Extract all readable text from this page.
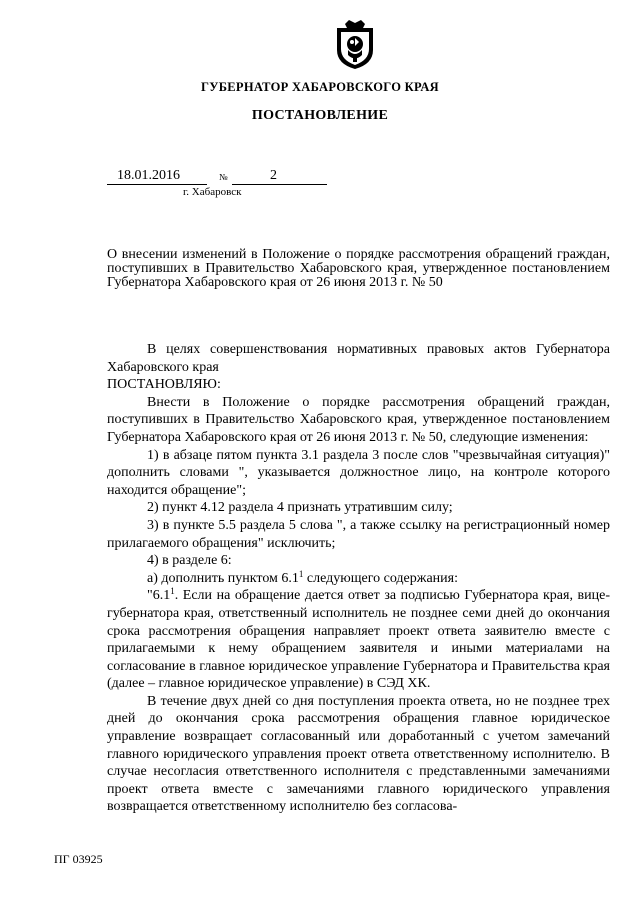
ГУБЕРНАТОР ХАБАРОВСКОГО КРАЯ
ПОСТАНОВЛЕНИЕ
18.01.2016	№	2
г. Хабаровск
О внесении изменений в Положение о порядке рассмотрения обращений граждан, поступивших в Правительство Хабаровского края, утвержденное постановлением Губернатора Хабаровского края от 26 июня 2013 г. № 50

В целях совершенствования нормативных правовых актов Губернатора Хабаровского края

ПОСТАНОВЛЯЮ:

Внести в Положение о порядке рассмотрения обращений граждан, поступивших в Правительство Хабаровского края, утвержденное постановлением Губернатора Хабаровского края от 26 июня 2013 г. № 50, следующие изменения:

1) в абзаце пятом пункта 3.1 раздела 3 после слов "чрезвычайная ситуация)" дополнить словами ", указывается должностное лицо, на контроле которого находится обращение";

2) пункт 4.12 раздела 4 признать утратившим силу;

3) в пункте 5.5 раздела 5 слова ", а также ссылку на регистрационный номер прилагаемого обращения" исключить;

4) в разделе 6:

а) дополнить пунктом $6.1^1$ следующего содержания:

"$6.1^1$. Если на обращение дается ответ за подписью Губернатора края, вице-губернатора края, ответственный исполнитель не позднее семи дней до окончания срока рассмотрения обращения направляет проект ответа заявителю вместе с прилагаемыми к нему обращением заявителя и иными материалами на согласование в главное юридическое управление Губернатора и Правительства края (далее – главное юридическое управление) в СЭД ХК.

В течение двух дней со дня поступления проекта ответа, но не позднее трех дней до окончания срока рассмотрения обращения главное юридическое управление возвращает согласованный или доработанный с учетом замечаний главного юридического управления проект ответа ответственному исполнителю. В случае несогласия ответственного исполнителя с представленными замечаниями проект ответа вместе с замечаниями главного юридического управления возвращается ответственному исполнителю без согласова-

ПГ 03925
